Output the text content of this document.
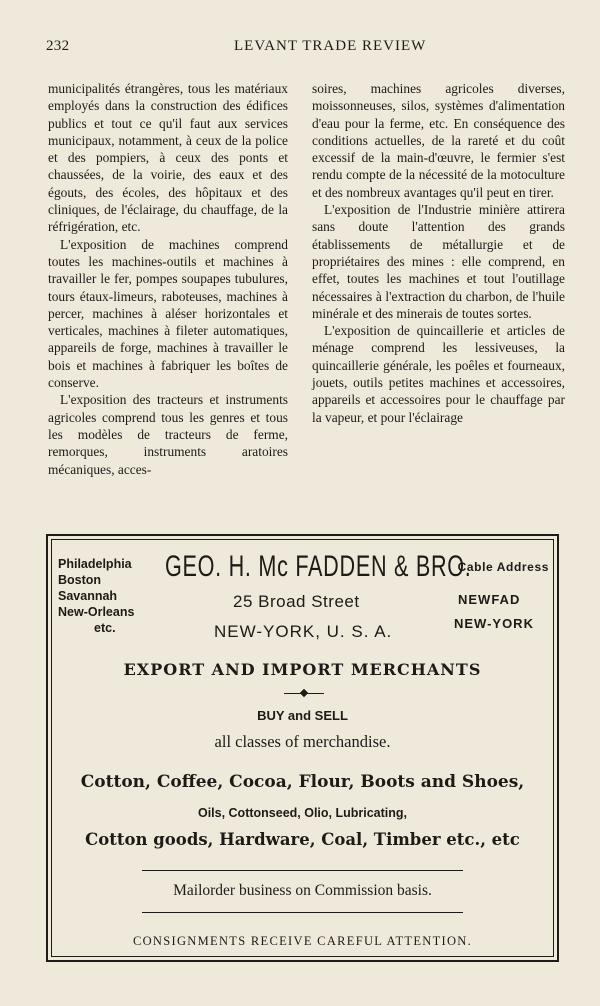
232	LEVANT TRADE REVIEW

municipalités étrangères, tous les matériaux employés dans la construction des édifices publics et tout ce qu'il faut aux services municipaux, notamment, à ceux de la police et des pompiers, à ceux des ponts et chaussées, de la voirie, des eaux et des égouts, des écoles, des hôpitaux et des cliniques, de l'éclairage, du chauffage, de la réfrigération, etc.

L'exposition de machines comprend toutes les machines-outils et machines à travailler le fer, pompes soupapes tubulures, tours étaux-limeurs, raboteuses, machines à percer, machines à aléser horizontales et verticales, machines à fileter automatiques, appareils de forge, machines à travailler le bois et machines à fabriquer les boîtes de conserve.

L'exposition des tracteurs et instruments agricoles comprend tous les genres et tous les modèles de tracteurs de ferme, remorques, instruments aratoires mécaniques, acces-

soires, machines agricoles diverses, moissonneuses, silos, systèmes d'alimentation d'eau pour la ferme, etc. En conséquence des conditions actuelles, de la rareté et du coût excessif de la main-d'œuvre, le fermier s'est rendu compte de la nécessité de la motoculture et des nombreux avantages qu'il peut en tirer.

L'exposition de l'Industrie minière attirera sans doute l'attention des grands établissements de métallurgie et de propriétaires des mines : elle comprend, en effet, toutes les machines et tout l'outillage nécessaires à l'extraction du charbon, de l'huile minérale et des minerais de toutes sortes.

L'exposition de quincaillerie et articles de ménage comprend les lessiveuses, la quincaillerie générale, les poêles et fourneaux, jouets, outils petites machines et accessoires, appareils et accessoires pour le chauffage par la vapeur, et pour l'éclairage

Philadelphia
Boston
Savannah
New-Orleans
etc.
GEO. H. Mc FADDEN & BRO.
Cable Address
25 Broad Street
NEW-YORK, U. S. A.
NEWFAD
NEW-YORK
EXPORT AND IMPORT MERCHANTS
BUY and SELL
all classes of merchandise.
Cotton, Coffee, Cocoa, Flour, Boots and Shoes,
Oils, Cottonseed, Olio, Lubricating,
Cotton goods, Hardware, Coal, Timber etc., etc
Mailorder business on Commission basis.
CONSIGNMENTS RECEIVE CAREFUL ATTENTION.
